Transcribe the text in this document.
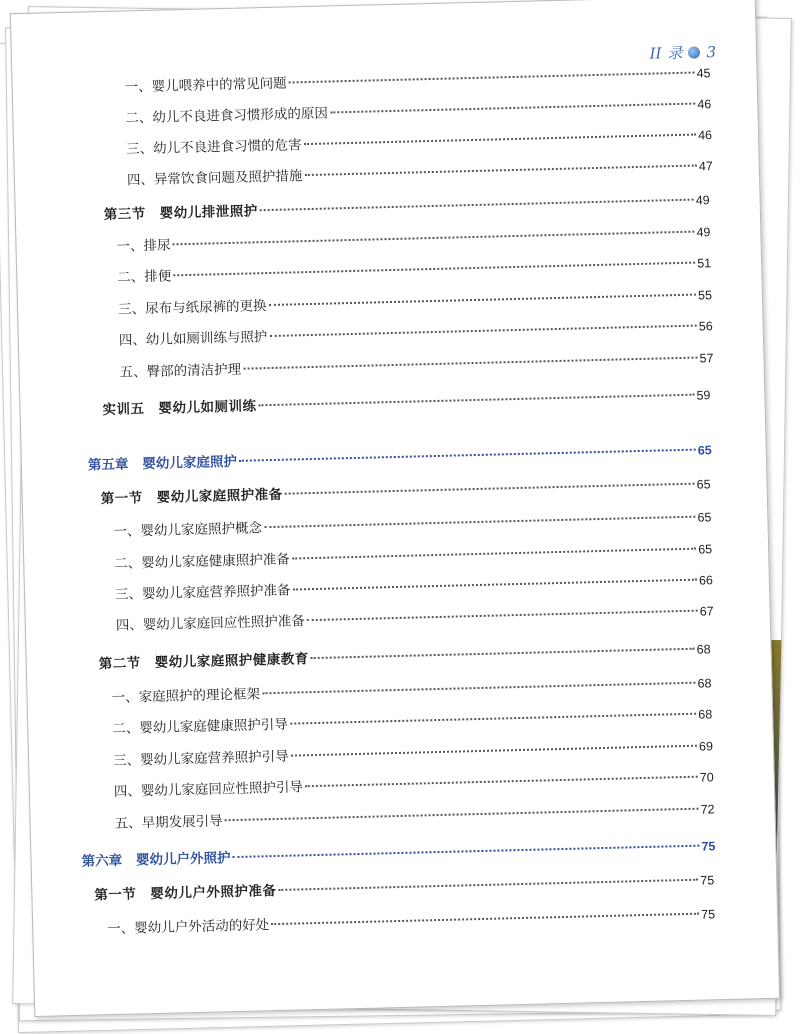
II 录 3
一、婴儿喂养中的常见问题
45
二、幼儿不良进食习惯形成的原因
46
三、幼儿不良进食习惯的危害
46
四、异常饮食问题及照护措施
47
第三节 婴幼儿排泄照护
49
一、排尿
49
二、排便
51
三、尿布与纸尿裤的更换
55
四、幼儿如厕训练与照护
56
五、臀部的清洁护理
57
实训五 婴幼儿如厕训练
59
第五章 婴幼儿家庭照护
65
第一节 婴幼儿家庭照护准备
65
一、婴幼儿家庭照护概念
65
二、婴幼儿家庭健康照护准备
65
三、婴幼儿家庭营养照护准备
66
四、婴幼儿家庭回应性照护准备
67
第二节 婴幼儿家庭照护健康教育
68
一、家庭照护的理论框架
68
二、婴幼儿家庭健康照护引导
68
三、婴幼儿家庭营养照护引导
69
四、婴幼儿家庭回应性照护引导
70
五、早期发展引导
72
第六章 婴幼儿户外照护
75
第一节 婴幼儿户外照护准备
75
一、婴幼儿户外活动的好处
75
